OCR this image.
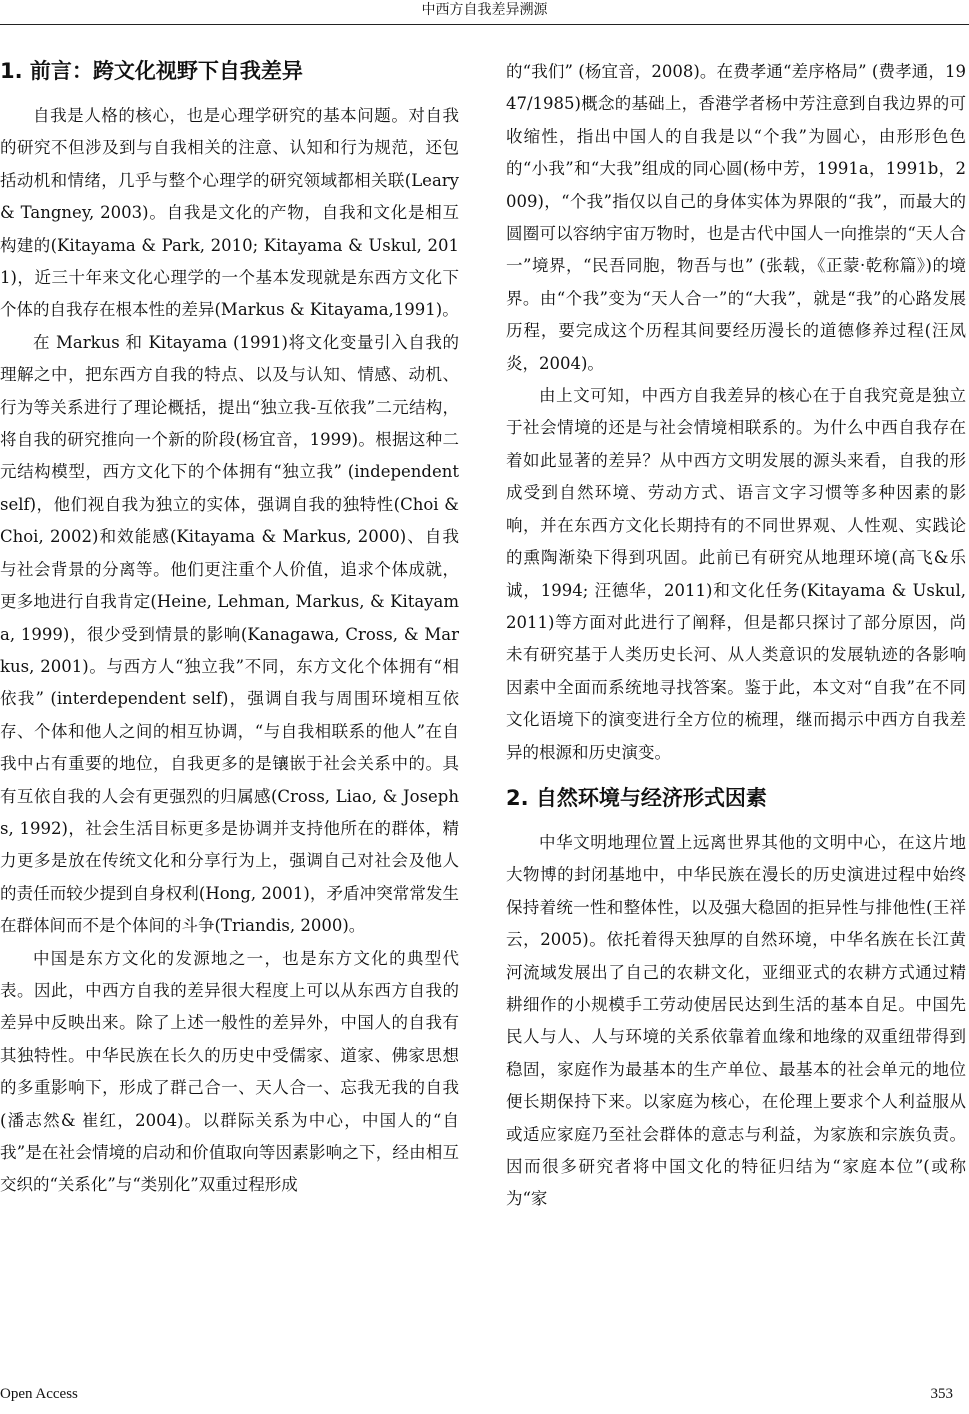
中西方自我差异溯源
1. 前言：跨文化视野下自我差异

自我是人格的核心，也是心理学研究的基本问题。对自我的研究不但涉及到与自我相关的注意、认知和行为规范，还包括动机和情绪，几乎与整个心理学的研究领域都相关联(Leary & Tangney, 2003)。自我是文化的产物，自我和文化是相互构建的(Kitayama & Park, 2010; Kitayama & Uskul, 2011)，近三十年来文化心理学的一个基本发现就是东西方文化下个体的自我存在根本性的差异(Markus & Kitayama,1991)。

在 Markus 和 Kitayama (1991)将文化变量引入自我的理解之中，把东西方自我的特点、以及与认知、情感、动机、行为等关系进行了理论概括，提出“独立我-互依我”二元结构，将自我的研究推向一个新的阶段(杨宜音，1999)。根据这种二元结构模型，西方文化下的个体拥有“独立我” (independent self)，他们视自我为独立的实体，强调自我的独特性(Choi & Choi, 2002)和效能感(Kitayama & Markus, 2000)、自我与社会背景的分离等。他们更注重个人价值，追求个体成就，更多地进行自我肯定(Heine, Lehman, Markus, & Kitayama, 1999)，很少受到情景的影响(Kanagawa, Cross, & Markus, 2001)。与西方人“独立我”不同，东方文化个体拥有“相依我” (interdependent self)，强调自我与周围环境相互依存、个体和他人之间的相互协调，“与自我相联系的他人”在自我中占有重要的地位，自我更多的是镶嵌于社会关系中的。具有互依自我的人会有更强烈的归属感(Cross, Liao, & Josephs, 1992)，社会生活目标更多是协调并支持他所在的群体，精力更多是放在传统文化和分享行为上，强调自己对社会及他人的责任而较少提到自身权利(Hong, 2001)，矛盾冲突常常发生在群体间而不是个体间的斗争(Triandis, 2000)。

中国是东方文化的发源地之一，也是东方文化的典型代表。因此，中西方自我的差异很大程度上可以从东西方自我的差异中反映出来。除了上述一般性的差异外，中国人的自我有其独特性。中华民族在长久的历史中受儒家、道家、佛家思想的多重影响下，形成了群己合一、天人合一、忘我无我的自我(潘志然& 崔红，2004)。以群际关系为中心，中国人的“自我”是在社会情境的启动和价值取向等因素影响之下，经由相互交织的“关系化”与“类别化”双重过程形成

的“我们” (杨宜音，2008)。在费孝通“差序格局” (费孝通，1947/1985)概念的基础上，香港学者杨中芳注意到自我边界的可收缩性，指出中国人的自我是以“个我”为圆心，由形形色色的“小我”和“大我”组成的同心圆(杨中芳，1991a，1991b，2009)，“个我”指仅以自己的身体实体为界限的“我”，而最大的圆圈可以容纳宇宙万物时，也是古代中国人一向推崇的“天人合一”境界，“民吾同胞，物吾与也” (张载，《正蒙·乾称篇》)的境界。由“个我”变为“天人合一”的“大我”，就是“我”的心路发展历程，要完成这个历程其间要经历漫长的道德修养过程(汪凤炎，2004)。

由上文可知，中西方自我差异的核心在于自我究竟是独立于社会情境的还是与社会情境相联系的。为什么中西自我存在着如此显著的差异？从中西方文明发展的源头来看，自我的形成受到自然环境、劳动方式、语言文字习惯等多种因素的影响，并在东西方文化长期持有的不同世界观、人性观、实践论的熏陶渐染下得到巩固。此前已有研究从地理环境(高飞&乐诚，1994; 汪德华，2011)和文化任务(Kitayama & Uskul, 2011)等方面对此进行了阐释，但是都只探讨了部分原因，尚未有研究基于人类历史长河、从人类意识的发展轨迹的各影响因素中全面而系统地寻找答案。鉴于此，本文对“自我”在不同文化语境下的演变进行全方位的梳理，继而揭示中西方自我差异的根源和历史演变。

2. 自然环境与经济形式因素

中华文明地理位置上远离世界其他的文明中心，在这片地大物博的封闭基地中，中华民族在漫长的历史演进过程中始终保持着统一性和整体性，以及强大稳固的拒异性与排他性(王祥云，2005)。依托着得天独厚的自然环境，中华名族在长江黄河流域发展出了自己的农耕文化，亚细亚式的农耕方式通过精耕细作的小规模手工劳动使居民达到生活的基本自足。中国先民人与人、人与环境的关系依靠着血缘和地缘的双重纽带得到稳固，家庭作为最基本的生产单位、最基本的社会单元的地位便长期保持下来。以家庭为核心，在伦理上要求个人利益服从或适应家庭乃至社会群体的意志与利益，为家族和宗族负责。因而很多研究者将中国文化的特征归结为“家庭本位”(或称为“家

Open Access	353
